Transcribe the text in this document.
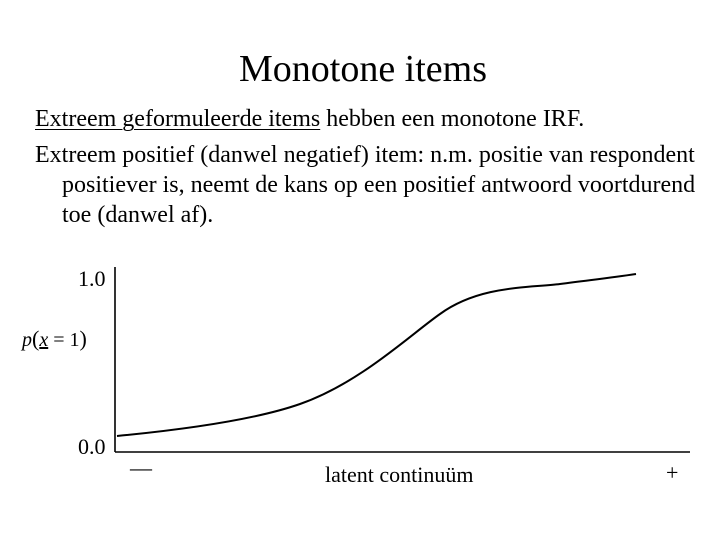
Monotone items
Extreem geformuleerde items hebben een monotone IRF.
Extreem positief (danwel negatief) item: n.m. positie van respondent positiever is, neemt de kans op een positief antwoord voortdurend toe (danwel af).
1.0
0.0
p(x = 1)
—	latent continuüm	+
